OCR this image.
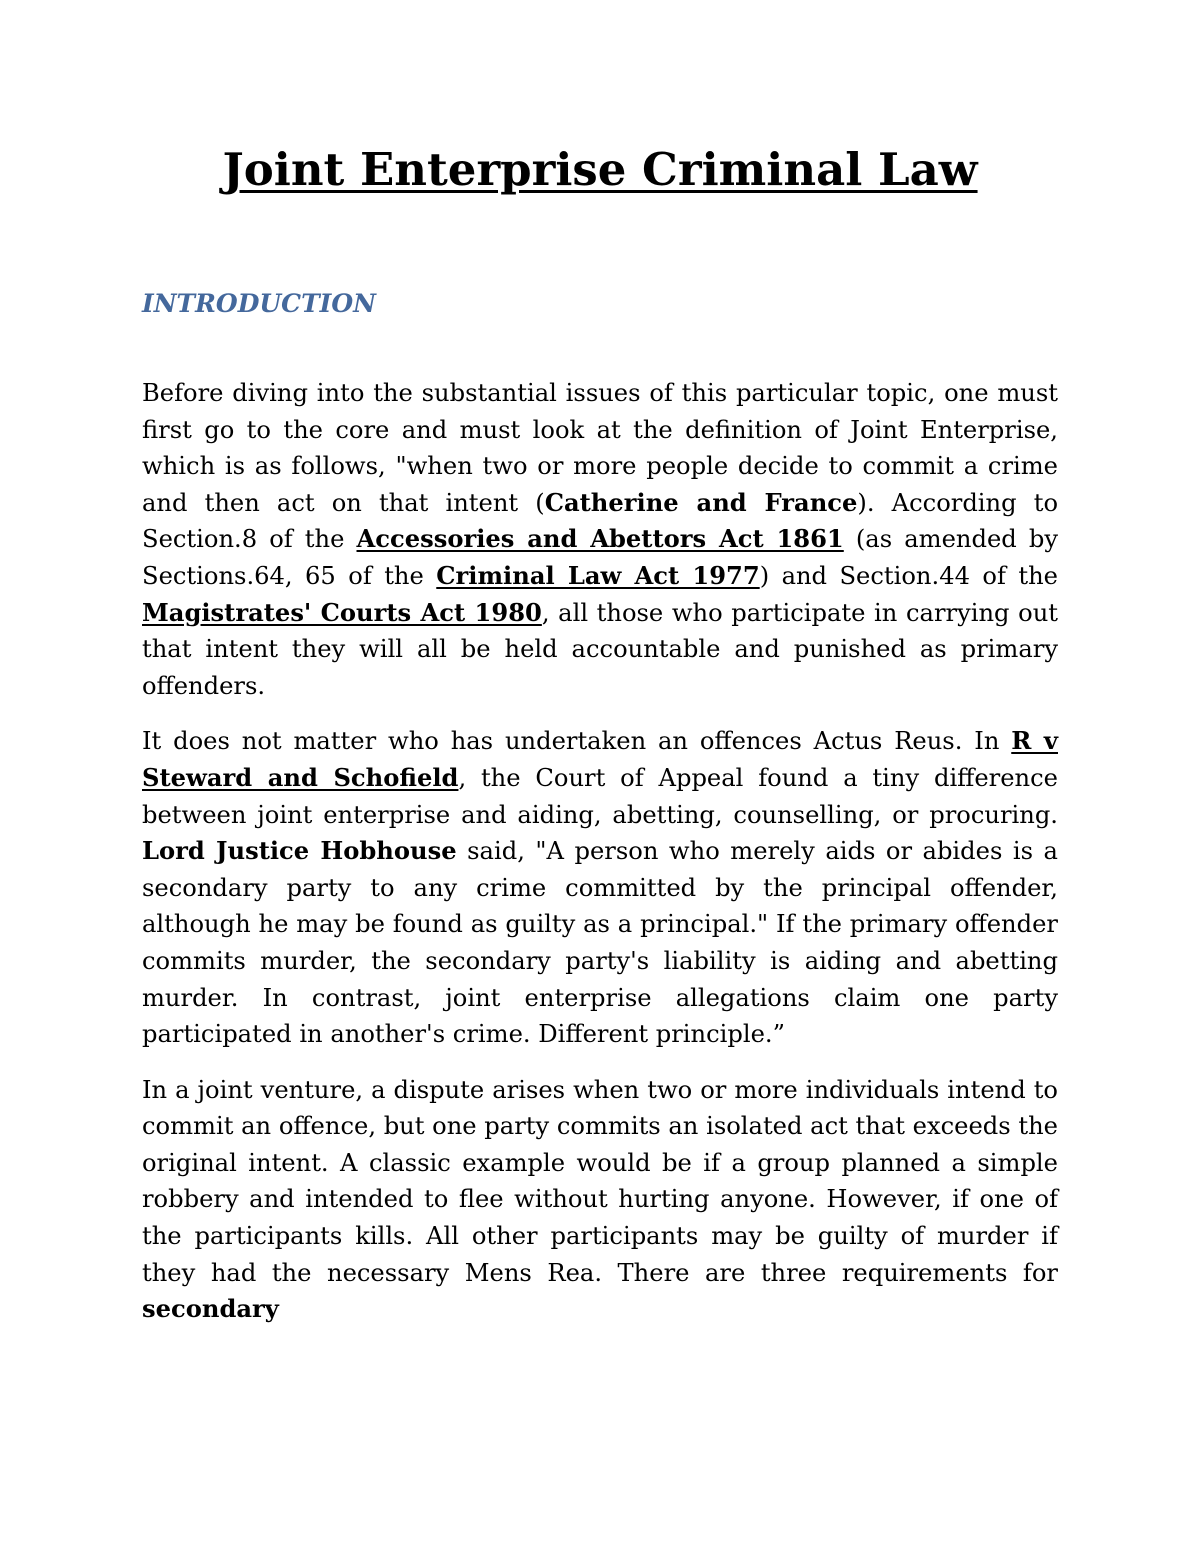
Joint Enterprise Criminal Law
INTRODUCTION

Before diving into the substantial issues of this particular topic, one must first go to the core and must look at the definition of Joint Enterprise, which is as follows, "when two or more people decide to commit a crime and then act on that intent (Catherine and France). According to Section.8 of the Accessories and Abettors Act 1861 (as amended by Sections.64, 65 of the Criminal Law Act 1977) and Section.44 of the Magistrates' Courts Act 1980, all those who participate in carrying out that intent they will all be held accountable and punished as primary offenders.

It does not matter who has undertaken an offences Actus Reus. In R v Steward and Schofield, the Court of Appeal found a tiny difference between joint enterprise and aiding, abetting, counselling, or procuring. Lord Justice Hobhouse said, "A person who merely aids or abides is a secondary party to any crime committed by the principal offender, although he may be found as guilty as a principal." If the primary offender commits murder, the secondary party's liability is aiding and abetting murder. In contrast, joint enterprise allegations claim one party participated in another's crime. Different principle.”

In a joint venture, a dispute arises when two or more individuals intend to commit an offence, but one party commits an isolated act that exceeds the original intent. A classic example would be if a group planned a simple robbery and intended to flee without hurting anyone. However, if one of the participants kills. All other participants may be guilty of murder if they had the necessary Mens Rea. There are three requirements for secondary
